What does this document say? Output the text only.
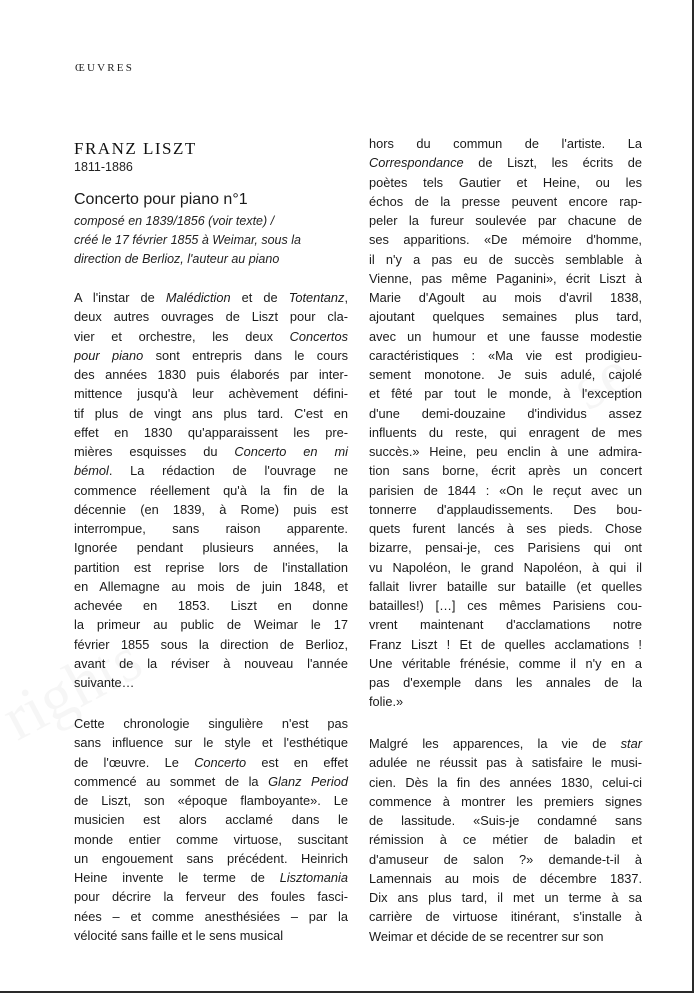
ŒUVRES
FRANZ LISZT
1811-1886
Concerto pour piano n°1
composé en 1839/1856 (voir texte) /
créé le 17 février 1855 à Weimar, sous la
direction de Berlioz, l'auteur au piano
A l'instar de Malédiction et de Totentanz,
deux autres ouvrages de Liszt pour cla-
vier et orchestre, les deux Concertos
pour piano sont entrepris dans le cours
des années 1830 puis élaborés par inter-
mittence jusqu'à leur achèvement défini-
tif plus de vingt ans plus tard. C'est en
effet en 1830 qu'apparaissent les pre-
mières esquisses du Concerto en mi
bémol. La rédaction de l'ouvrage ne
commence réellement qu'à la fin de la
décennie (en 1839, à Rome) puis est
interrompue, sans raison apparente.
Ignorée pendant plusieurs années, la
partition est reprise lors de l'installation
en Allemagne au mois de juin 1848, et
achevée en 1853. Liszt en donne
la primeur au public de Weimar le 17
février 1855 sous la direction de Berlioz,
avant de la réviser à nouveau l'année
suivante…
Cette chronologie singulière n'est pas
sans influence sur le style et l'esthétique
de l'œuvre. Le Concerto est en effet
commencé au sommet de la Glanz Period
de Liszt, son «époque flamboyante». Le
musicien est alors acclamé dans le
monde entier comme virtuose, suscitant
un engouement sans précédent. Heinrich
Heine invente le terme de Lisztomania
pour décrire la ferveur des foules fasci-
nées – et comme anesthésiées – par la
vélocité sans faille et le sens musical
hors du commun de l'artiste. La
Correspondance de Liszt, les écrits de
poètes tels Gautier et Heine, ou les
échos de la presse peuvent encore rap-
peler la fureur soulevée par chacune de
ses apparitions. «De mémoire d'homme,
il n'y a pas eu de succès semblable à
Vienne, pas même Paganini», écrit Liszt à
Marie d'Agoult au mois d'avril 1838,
ajoutant quelques semaines plus tard,
avec un humour et une fausse modestie
caractéristiques : «Ma vie est prodigieu-
sement monotone. Je suis adulé, cajolé
et fêté par tout le monde, à l'exception
d'une demi-douzaine d'individus assez
influents du reste, qui enragent de mes
succès.» Heine, peu enclin à une admira-
tion sans borne, écrit après un concert
parisien de 1844 : «On le reçut avec un
tonnerre d'applaudissements. Des bou-
quets furent lancés à ses pieds. Chose
bizarre, pensai-je, ces Parisiens qui ont
vu Napoléon, le grand Napoléon, à qui il
fallait livrer bataille sur bataille (et quelles
batailles!) […] ces mêmes Parisiens cou-
vrent maintenant d'acclamations notre
Franz Liszt ! Et de quelles acclamations !
Une véritable frénésie, comme il n'y en a
pas d'exemple dans les annales de la
folie.»
Malgré les apparences, la vie de star
adulée ne réussit pas à satisfaire le musi-
cien. Dès la fin des années 1830, celui-ci
commence à montrer les premiers signes
de lassitude. «Suis-je condamné sans
rémission à ce métier de baladin et
d'amuseur de salon ?» demande-t-il à
Lamennais au mois de décembre 1837.
Dix ans plus tard, il met un terme à sa
carrière de virtuose itinérant, s'installe à
Weimar et décide de se recentrer sur son
